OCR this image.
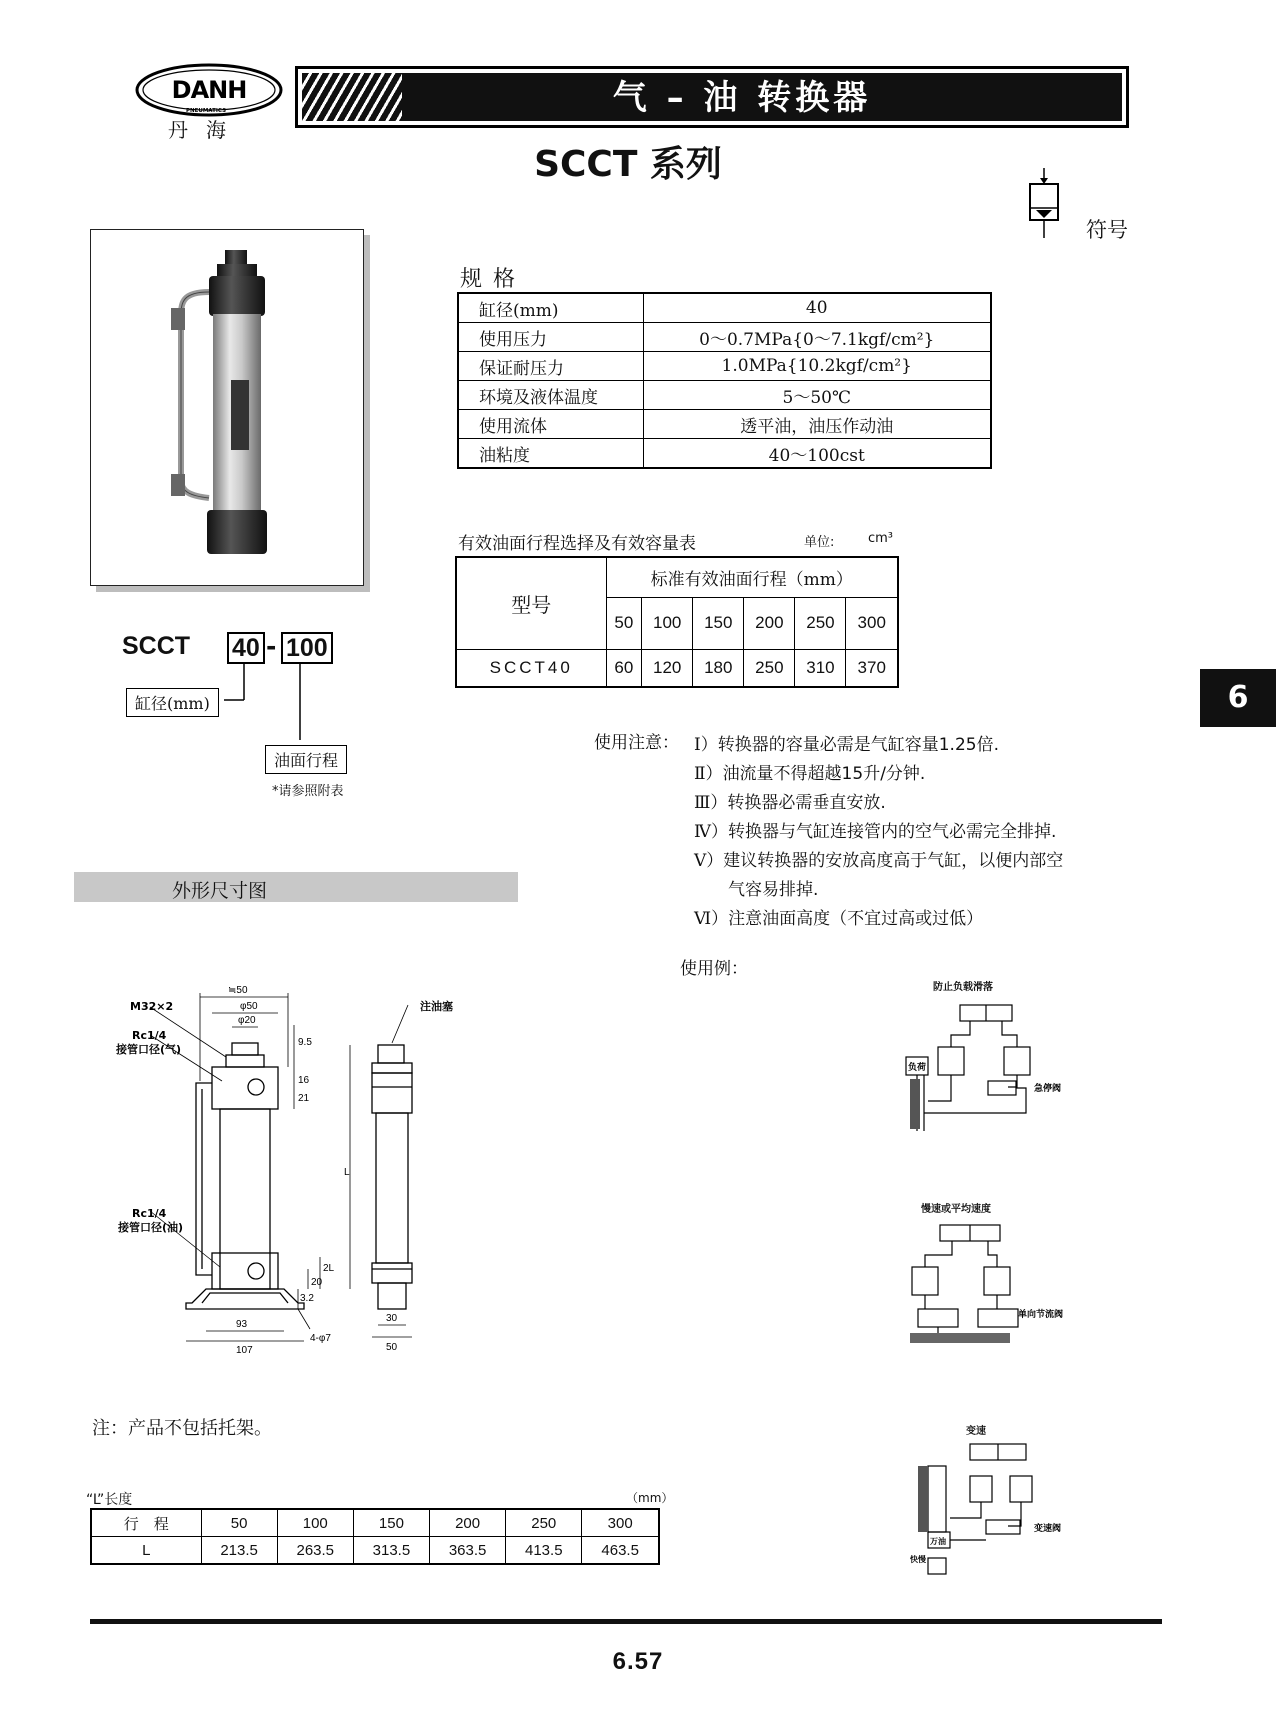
DANH
PNEUMATICS
丹海
气 – 油 转换器
SCCT 系列
符号
规 格
缸径(mm)	40
使用压力	0～0.7MPa{0～7.1kgf/cm²}
保证耐压力	1.0MPa{10.2kgf/cm²}
环境及液体温度	5～50℃
使用流体	透平油，油压作动油
油粘度	40～100cst
有效油面行程选择及有效容量表	单位:	cm³
型号	标准有效油面行程（mm）					
	50	100	150	200	250	300
SCCT40	60	120	180	250	310	370
SCCT 40 - 100
缸径(mm)
油面行程
*请参照附表
6
使用注意： Ⅰ）转换器的容量必需是气缸容量1.25倍.
Ⅱ）油流量不得超越15升/分钟.
Ⅲ）转换器必需垂直安放.
Ⅳ）转换器与气缸连接管内的空气必需完全排掉.
Ⅴ）建议转换器的安放高度高于气缸，以便内部空
气容易排掉.
Ⅵ）注意油面高度（不宜过高或过低）
外形尺寸图
≒50
φ50
φ20
9.5
16
21
L
2L
20
3.2
93
107
4-φ7
30
50
M32×2
Rc1/4
接管口径(气)
Rc1/4
接管口径(油)
注油塞
使用例：
防止负载滑落
负荷
急停阀
慢速或平均速度
单向节流阀
变速
万油
变速阀
快慢
注：产品不包括托架。
“L”长度	（mm）
行　程	50	100	150	200	250	300
L	213.5	263.5	313.5	363.5	413.5	463.5
6.57
